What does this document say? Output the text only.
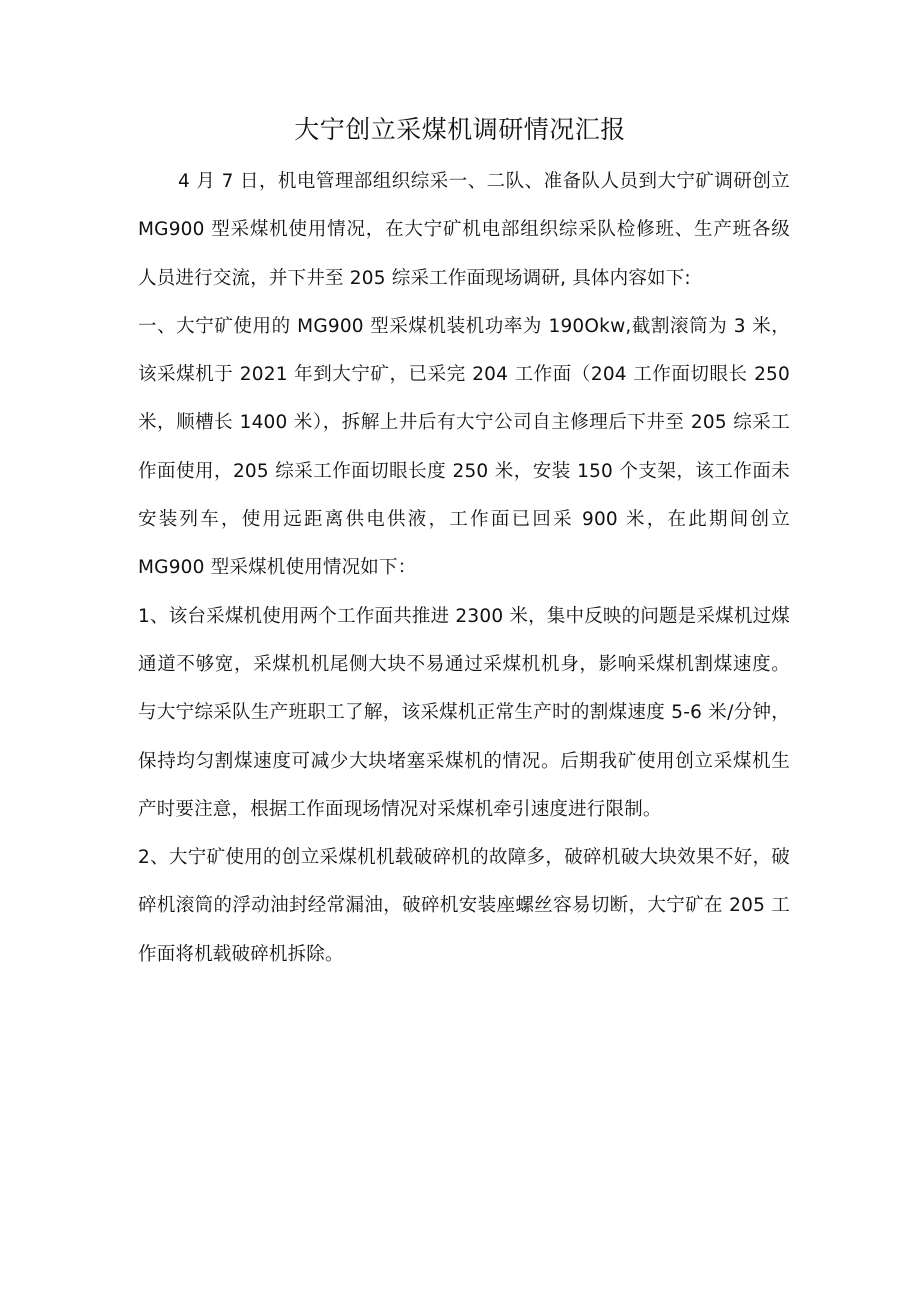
大宁创立采煤机调研情况汇报

4 月 7 日，机电管理部组织综采一、二队、准备队人员到大宁矿调研创立 MG900 型采煤机使用情况，在大宁矿机电部组织综采队检修班、生产班各级人员进行交流，并下井至 205 综采工作面现场调研, 具体内容如下:

一、大宁矿使用的 MG900 型采煤机装机功率为 190Okw,截割滚筒为 3 米，该采煤机于 2021 年到大宁矿，已采完 204 工作面（204 工作面切眼长 250 米，顺槽长 1400 米），拆解上井后有大宁公司自主修理后下井至 205 综采工作面使用，205 综采工作面切眼长度 250 米，安装 150 个支架，该工作面未安装列车，使用远距离供电供液，工作面已回采 900 米，在此期间创立 MG900 型采煤机使用情况如下：

1、该台采煤机使用两个工作面共推进 2300 米，集中反映的问题是采煤机过煤通道不够宽，采煤机机尾侧大块不易通过采煤机机身，影响采煤机割煤速度。与大宁综采队生产班职工了解，该采煤机正常生产时的割煤速度 5-6 米/分钟，保持均匀割煤速度可减少大块堵塞采煤机的情况。后期我矿使用创立采煤机生产时要注意，根据工作面现场情况对采煤机牵引速度进行限制。

2、大宁矿使用的创立采煤机机载破碎机的故障多，破碎机破大块效果不好，破碎机滚筒的浮动油封经常漏油，破碎机安装座螺丝容易切断，大宁矿在 205 工作面将机载破碎机拆除。
